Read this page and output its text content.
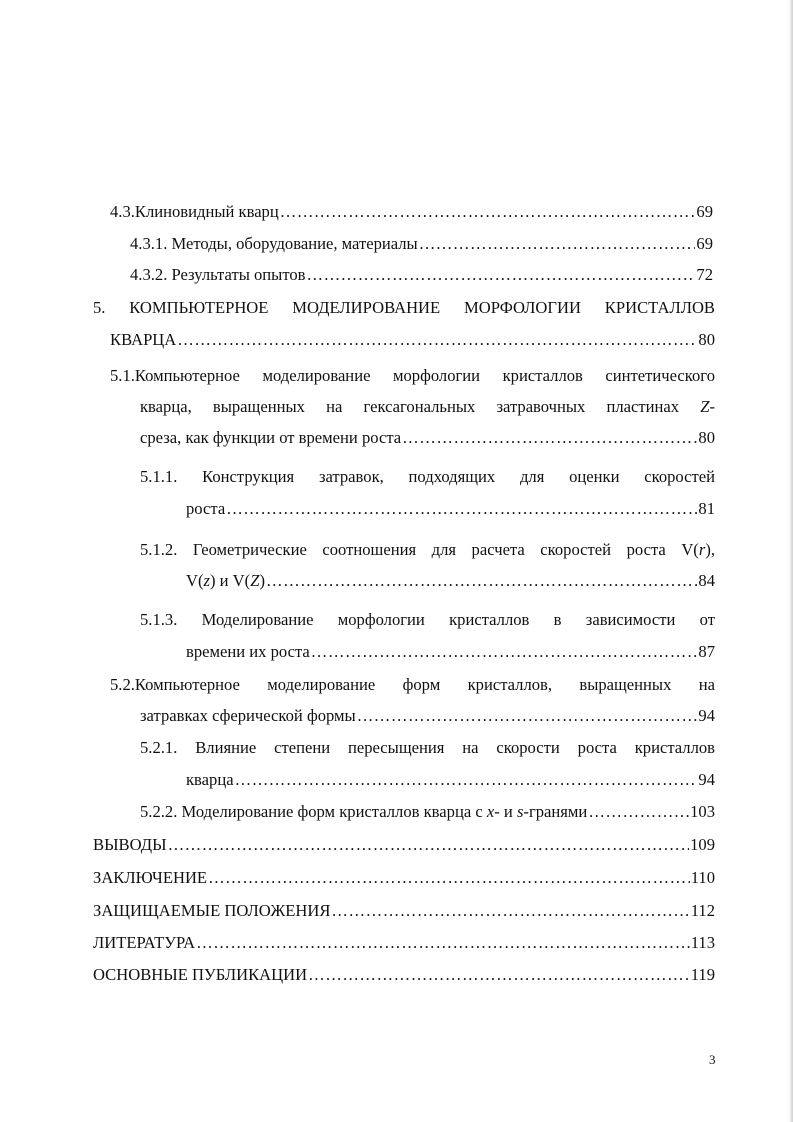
4.3.Клиновидный кварц ……………………………………………………………………………………………………………………………………………………………	69
4.3.1. Методы, оборудование, материалы ……………………………………………………………………………………………………………………………………………………………	69
4.3.2. Результаты опытов ……………………………………………………………………………………………………………………………………………………………	72
5. КОМПЬЮТЕРНОЕ МОДЕЛИРОВАНИЕ МОРФОЛОГИИ КРИСТАЛЛОВ
КВАРЦА ……………………………………………………………………………………………………………………………………………………………	80
5.1.Компьютерное моделирование морфологии кристаллов синтетического
кварца, выращенных на гексагональных затравочных пластинах Z-
среза, как функции от времени роста ……………………………………………………………………………………………………………………………………………………………	80
5.1.1. Конструкция затравок, подходящих для оценки скоростей
роста ……………………………………………………………………………………………………………………………………………………………	81
5.1.2. Геометрические соотношения для расчета скоростей роста V(r),
V(z) и V(Z) ……………………………………………………………………………………………………………………………………………………………	84
5.1.3. Моделирование морфологии кристаллов в зависимости от
времени их роста ……………………………………………………………………………………………………………………………………………………………	87
5.2.Компьютерное моделирование форм кристаллов, выращенных на
затравках сферической формы ……………………………………………………………………………………………………………………………………………………………	94
5.2.1. Влияние степени пересыщения на скорости роста кристаллов
кварца ……………………………………………………………………………………………………………………………………………………………	94
5.2.2. Моделирование форм кристаллов кварца с x- и s-гранями ……………………………………………………………………………………………………………………………………………………………	103
ВЫВОДЫ ……………………………………………………………………………………………………………………………………………………………	109
ЗАКЛЮЧЕНИЕ ……………………………………………………………………………………………………………………………………………………………	110
ЗАЩИЩАЕМЫЕ ПОЛОЖЕНИЯ ……………………………………………………………………………………………………………………………………………………………	112
ЛИТЕРАТУРА ……………………………………………………………………………………………………………………………………………………………	113
ОСНОВНЫЕ ПУБЛИКАЦИИ ……………………………………………………………………………………………………………………………………………………………	119
3
